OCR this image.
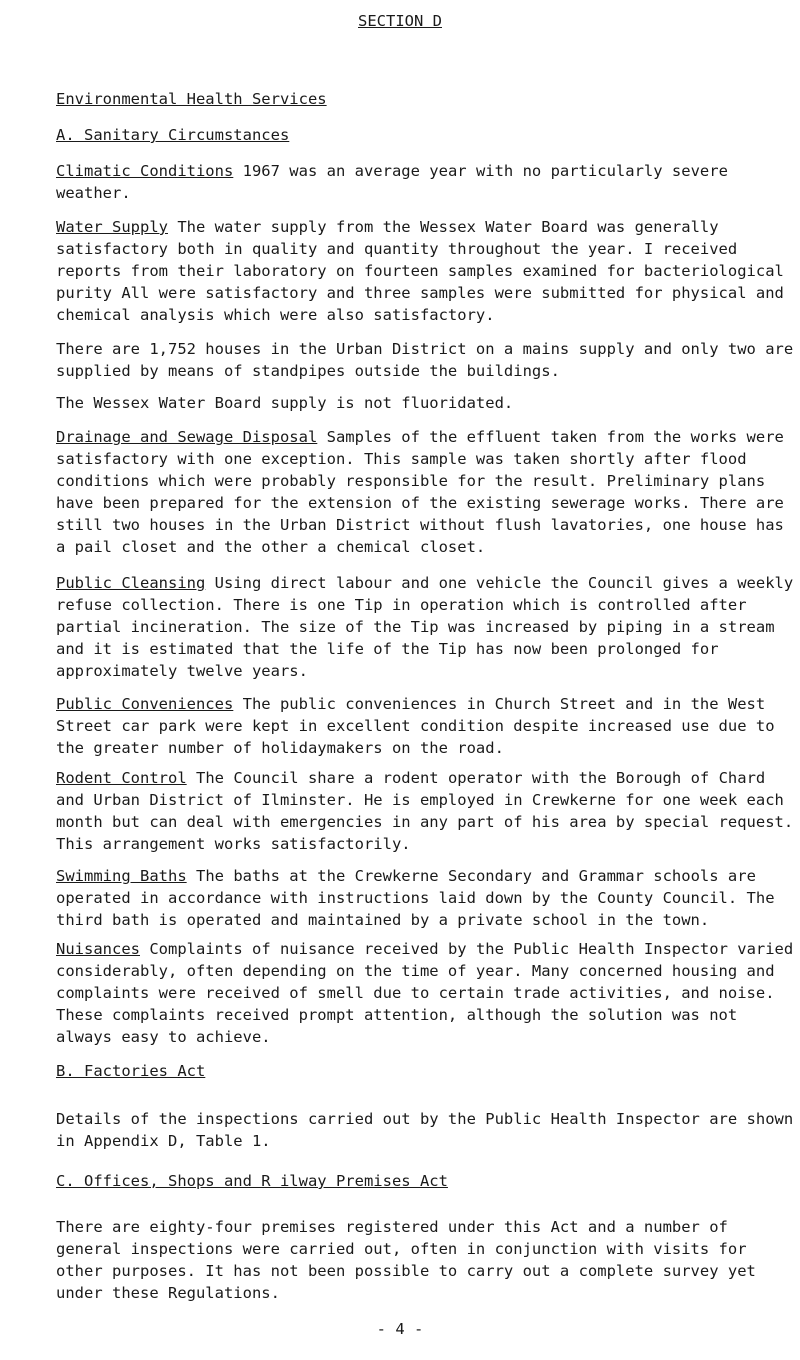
SECTION D
Environmental Health Services
A. Sanitary Circumstances
Climatic Conditions 1967 was an average year with no particularly severe weather.
Water Supply The water supply from the Wessex Water Board was generally satisfactory both in quality and quantity throughout the year. I received reports from their laboratory on fourteen samples examined for bacteriological purity All were satisfactory and three samples were submitted for physical and chemical analysis which were also satisfactory.
There are 1,752 houses in the Urban District on a mains supply and only two are supplied by means of standpipes outside the buildings.
The Wessex Water Board supply is not fluoridated.
Drainage and Sewage Disposal Samples of the effluent taken from the works were satisfactory with one exception. This sample was taken shortly after flood conditions which were probably responsible for the result. Preliminary plans have been prepared for the extension of the existing sewerage works. There are still two houses in the Urban District without flush lavatories, one house has a pail closet and the other a chemical closet.
Public Cleansing Using direct labour and one vehicle the Council gives a weekly refuse collection. There is one Tip in operation which is controlled after partial incineration. The size of the Tip was increased by piping in a stream and it is estimated that the life of the Tip has now been prolonged for approximately twelve years.
Public Conveniences The public conveniences in Church Street and in the West Street car park were kept in excellent condition despite increased use due to the greater number of holidaymakers on the road.
Rodent Control The Council share a rodent operator with the Borough of Chard and Urban District of Ilminster. He is employed in Crewkerne for one week each month but can deal with emergencies in any part of his area by special request. This arrangement works satisfactorily.
Swimming Baths The baths at the Crewkerne Secondary and Grammar schools are operated in accordance with instructions laid down by the County Council. The third bath is operated and maintained by a private school in the town.
Nuisances Complaints of nuisance received by the Public Health Inspector varied considerably, often depending on the time of year. Many concerned housing and complaints were received of smell due to certain trade activities, and noise. These complaints received prompt attention, although the solution was not always easy to achieve.
B. Factories Act
Details of the inspections carried out by the Public Health Inspector are shown in Appendix D, Table 1.
C. Offices, Shops and R ilway Premises Act
There are eighty-four premises registered under this Act and a number of general inspections were carried out, often in conjunction with visits for other purposes. It has not been possible to carry out a complete survey yet under these Regulations.
- 4 -
